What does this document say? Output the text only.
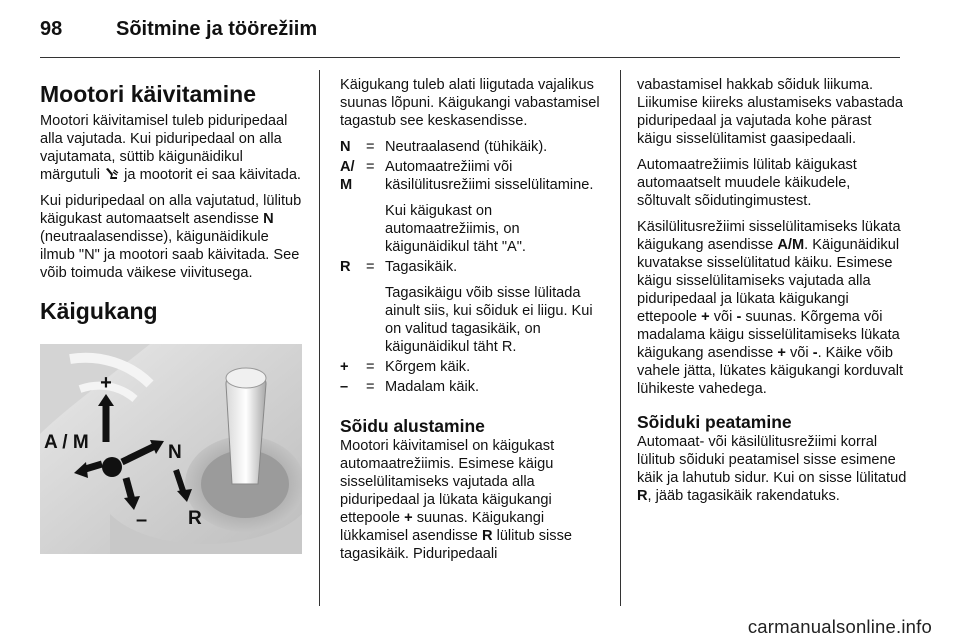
98	Sõitmine ja töörežiim
Mootori käivitamine

Mootori käivitamisel tuleb piduripedaal alla vajutada. Kui piduripedaal on alla vajutamata, süttib käigunäidikul märgutuli ja mootorit ei saa käivitada.

Kui piduripedaal on alla vajutatud, lülitub käigukast automaatselt asendisse N (neutraalasendisse), käigunäidikule ilmub "N" ja mootori saab käivitada. See võib toimuda väikese viivitusega.

Käigukang
+
A / M	N
– R

Käigukang tuleb alati liigutada vajalikus suunas lõpuni. Käigukangi vabastamisel tagastub see keskasendisse.

N	= Neutraalasend (tühikäik).
A/ M
= Automaatrežiimi või käsilülitusrežiimi sisselülitamine.
Kui käigukast on automaatrežiimis, on käigunäidikul täht "A".
R	= Tagasikäik.
Tagasikäigu võib sisse lülitada ainult siis, kui sõiduk ei liigu. Kui on valitud tagasikäik, on käigunäidikul täht R.
+	= Kõrgem käik.
–	= Madalam käik.
Sõidu alustamine

Mootori käivitamisel on käigukast automaatrežiimis. Esimese käigu sisselülitamiseks vajutada alla piduripedaal ja lükata käigukangi ettepoole + suunas. Käigukangi lükkamisel asendisse R lülitub sisse tagasikäik. Piduripedaali

vabastamisel hakkab sõiduk liikuma. Liikumise kiireks alustamiseks vabastada piduripedaal ja vajutada kohe pärast käigu sisselülitamist gaasipedaali.

Automaatrežiimis lülitab käigukast automaatselt muudele käikudele, sõltuvalt sõidutingimustest.

Käsilülitusrežiimi sisselülitamiseks lükata käigukang asendisse A/M. Käigunäidikul kuvatakse sisselülitatud käiku. Esimese käigu sisselülitamiseks vajutada alla piduripedaal ja lükata käigukangi ettepoole + või - suunas. Kõrgema või madalama käigu sisselülitamiseks lükata käigukang asendisse + või -. Käike võib vahele jätta, lükates käigukangi korduvalt lühikeste vahedega.

Sõiduki peatamine

Automaat- või käsilülitusrežiimi korral lülitub sõiduki peatamisel sisse esimene käik ja lahutub sidur. Kui on sisse lülitatud R, jääb tagasikäik rakendatuks.

carmanualsonline.info
